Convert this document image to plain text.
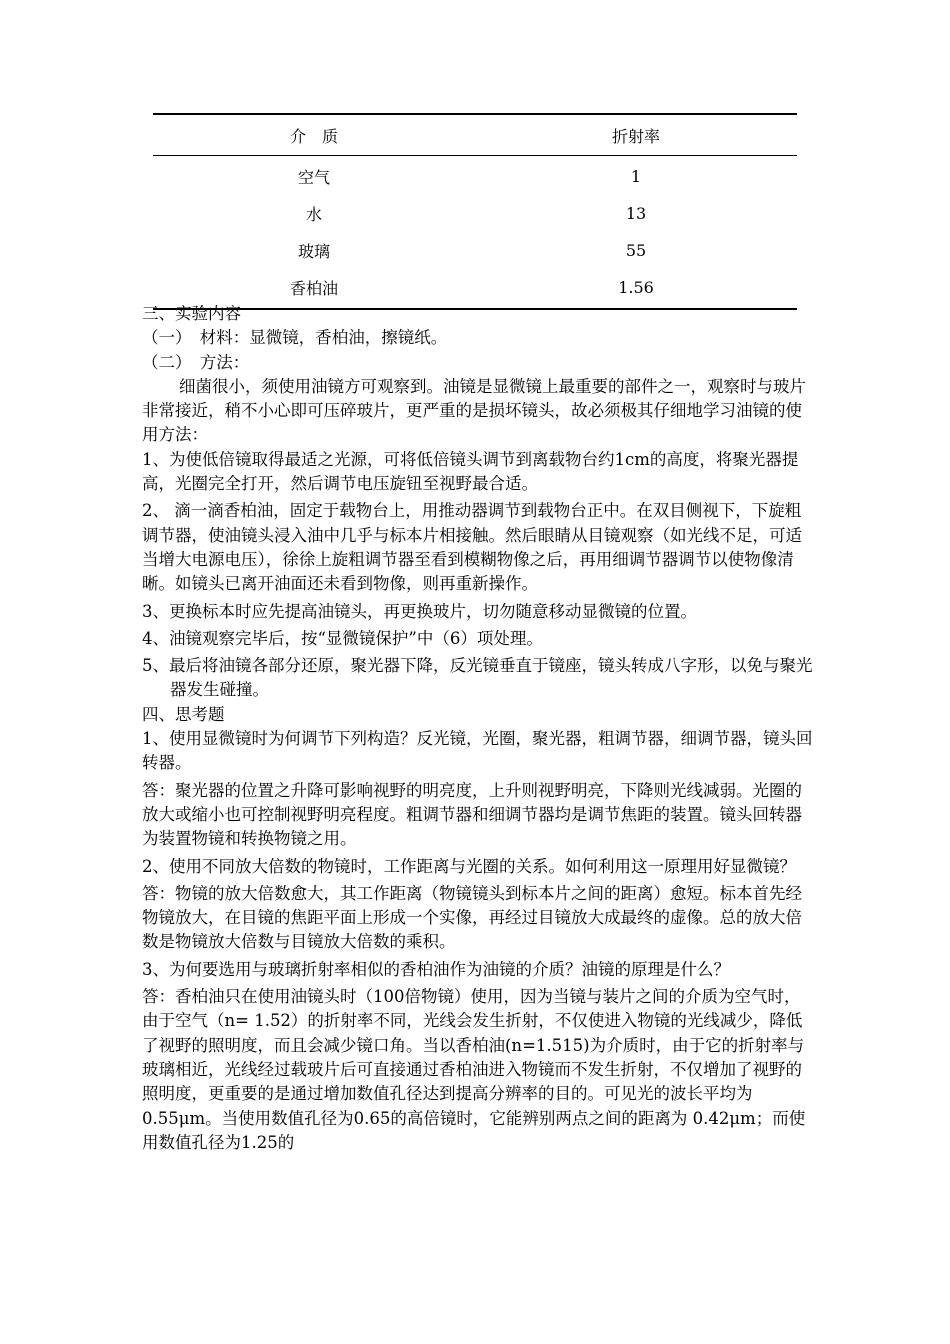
介　质	折射率
空气	1
水	13
玻璃	55
香柏油	1.56

三、实验内容

（一）　材料：显微镜，香柏油，擦镜纸。

（二）　方法：

细菌很小，须使用油镜方可观察到。油镜是显微镜上最重要的部件之一，观察时与玻片非常接近，稍不小心即可压碎玻片，更严重的是损坏镜头，故必须极其仔细地学习油镜的使用方法：

1、为使低倍镜取得最适之光源，可将低倍镜头调节到离载物台约1cm的高度，将聚光器提高，光圈完全打开，然后调节电压旋钮至视野最合适。

2、 滴一滴香柏油，固定于载物台上，用推动器调节到载物台正中。在双目侧视下，下旋粗调节器，使油镜头浸入油中几乎与标本片相接触。然后眼睛从目镜观察（如光线不足，可适当增大电源电压），徐徐上旋粗调节器至看到模糊物像之后，再用细调节器调节以使物像清晰。如镜头已离开油面还未看到物像，则再重新操作。

3、更换标本时应先提高油镜头，再更换玻片，切勿随意移动显微镜的位置。

4、油镜观察完毕后，按“显微镜保护”中（6）项处理。

5、最后将油镜各部分还原，聚光器下降，反光镜垂直于镜座，镜头转成八字形，以免与聚光器发生碰撞。

四、思考题

1、使用显微镜时为何调节下列构造？反光镜，光圈，聚光器，粗调节器，细调节器，镜头回转器。

答：聚光器的位置之升降可影响视野的明亮度，上升则视野明亮，下降则光线减弱。光圈的放大或缩小也可控制视野明亮程度。粗调节器和细调节器均是调节焦距的装置。镜头回转器为装置物镜和转换物镜之用。

2、使用不同放大倍数的物镜时，工作距离与光圈的关系。如何利用这一原理用好显微镜？

答：物镜的放大倍数愈大，其工作距离（物镜镜头到标本片之间的距离）愈短。标本首先经物镜放大，在目镜的焦距平面上形成一个实像，再经过目镜放大成最终的虚像。总的放大倍数是物镜放大倍数与目镜放大倍数的乘积。

3、为何要选用与玻璃折射率相似的香柏油作为油镜的介质？油镜的原理是什么？

答：香柏油只在使用油镜头时（100倍物镜）使用，因为当镜与装片之间的介质为空气时，由于空气（n= 1.52）的折射率不同，光线会发生折射，不仅使进入物镜的光线减少，降低了视野的照明度，而且会减少镜口角。当以香柏油(n=1.515)为介质时，由于它的折射率与玻璃相近，光线经过载玻片后可直接通过香柏油进入物镜而不发生折射，不仅增加了视野的照明度，更重要的是通过增加数值孔径达到提高分辨率的目的。可见光的波长平均为0.55μm。当使用数值孔径为0.65的高倍镜时，它能辨别两点之间的距离为 0.42μm；而使用数值孔径为1.25的
